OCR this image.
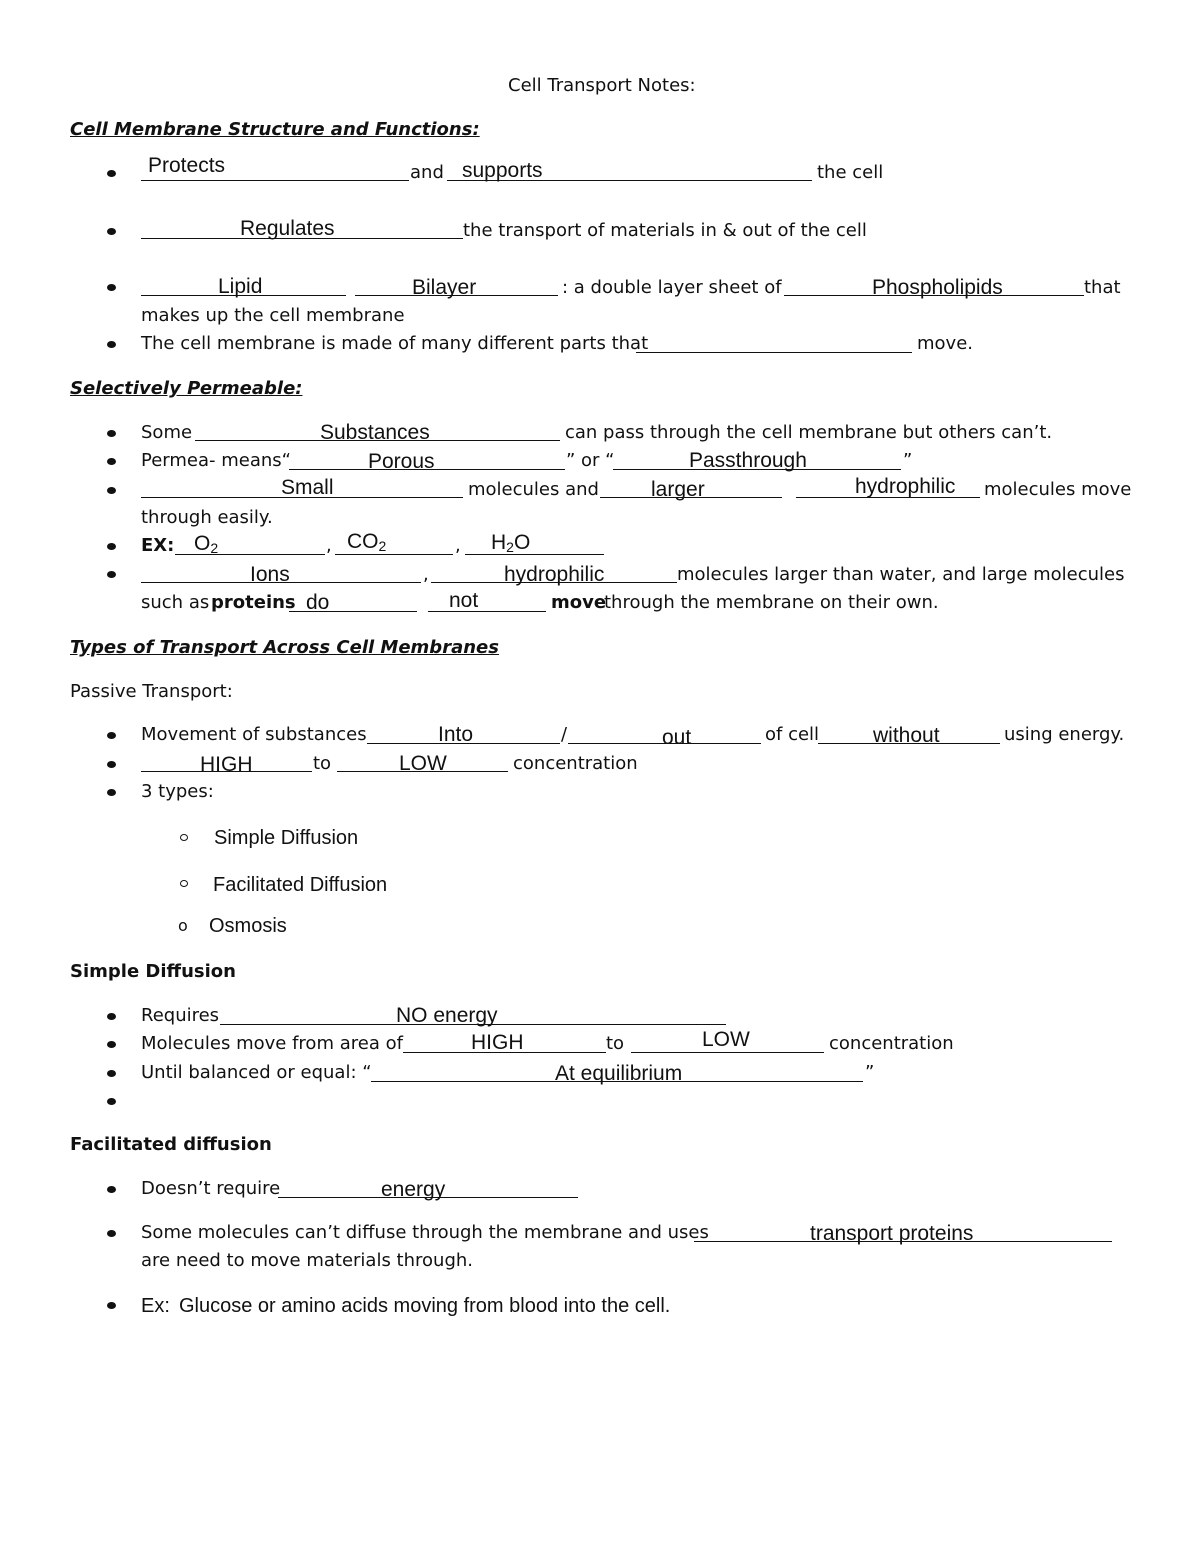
Cell Transport Notes:
Cell Membrane Structure and Functions:
Protects	and supports	the cell
Regulates	the transport of materials in & out of the cell
Lipid	Bilayer	: a double layer sheet of	Phospholipids	that
makes up the cell membrane
The cell membrane is made of many different parts that	move.
Selectively Permeable:
Some	Substances	can pass through the cell membrane but others can’t.
Permea- means“	Porous	” or “	Passthrough	”
Small	molecules and larger	hydrophilic molecules move
through easily.
EX: O2	, CO2	, H2O
Ions	,	hydrophilic	molecules larger than water, and large molecules
such as proteins do	not	move
through the membrane on their own.
Types of Transport Across Cell Membranes
Passive Transport:
Movement of substances	Into	/	out	of cell	without	using energy.
HIGH	to	LOW	concentration
3 types:
Simple Diffusion
Facilitated Diffusion
o Osmosis
Simple Diffusion
Requires	NO energy
Molecules move from area of	HIGH	to	LOW	concentration
Until balanced or equal: “	At equilibrium	”
Facilitated diffusion
Doesn’t require	energy
Some molecules can’t diffuse through the membrane and uses	transport proteins
are need to move materials through.
Ex: Glucose or amino acids moving from blood into the cell.
